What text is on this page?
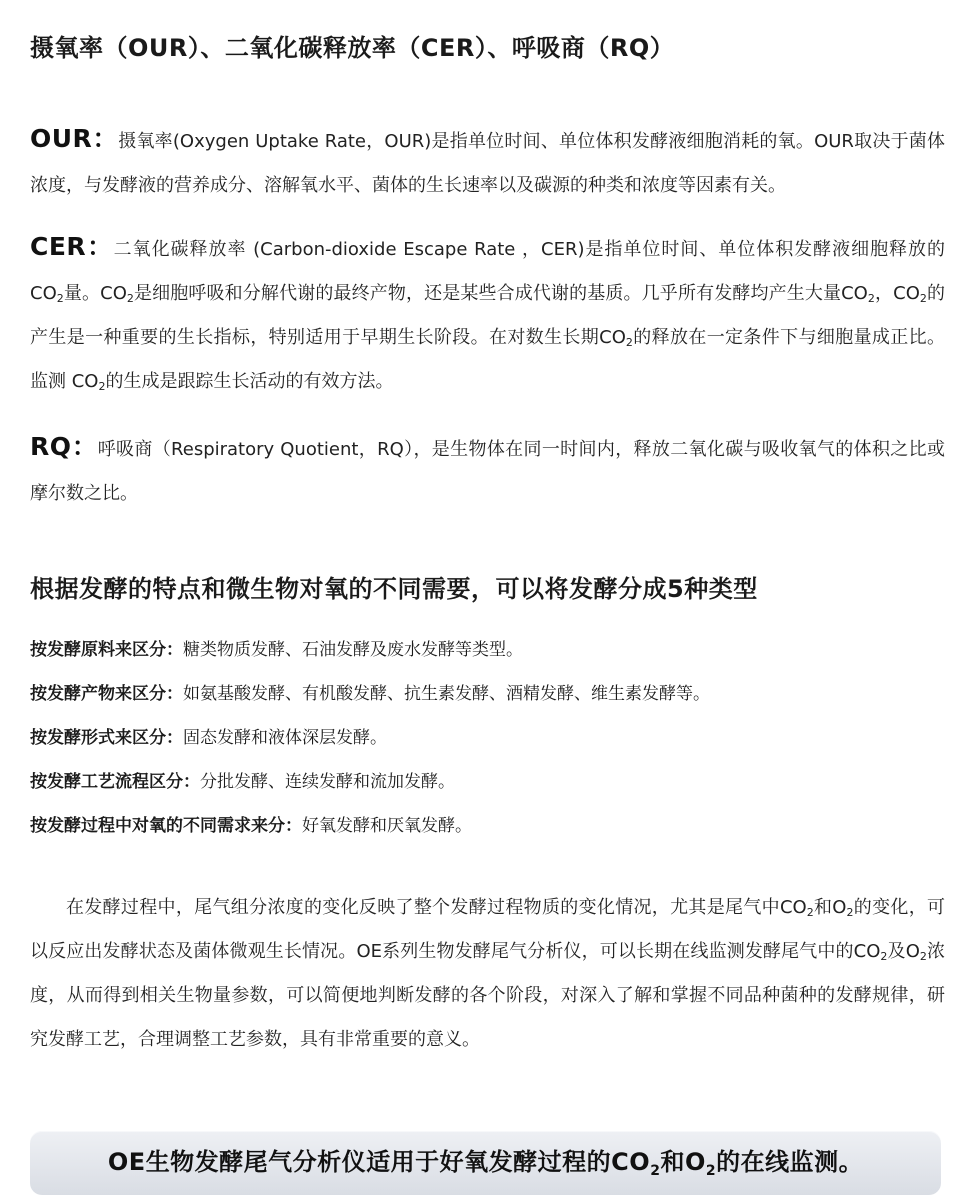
摄氧率（OUR）、二氧化碳释放率（CER）、呼吸商（RQ）
OUR：摄氧率(Oxygen Uptake Rate，OUR)是指单位时间、单位体积发酵液细胞消耗的氧。OUR取决于菌体浓度，与发酵液的营养成分、溶解氧水平、菌体的生长速率以及碳源的种类和浓度等因素有关。
CER：二氧化碳释放率 (Carbon-dioxide Escape Rate ，CER)是指单位时间、单位体积发酵液细胞释放的$CO_2$量。$CO_2$是细胞呼吸和分解代谢的最终产物，还是某些合成代谢的基质。几乎所有发酵均产生大量$CO_2$，$CO_2$的产生是一种重要的生长指标，特别适用于早期生长阶段。在对数生长期$CO_2$的释放在一定条件下与细胞量成正比。监测 $CO_2$的生成是跟踪生长活动的有效方法。
RQ：呼吸商（Respiratory Quotient，RQ），是生物体在同一时间内，释放二氧化碳与吸收氧气的体积之比或摩尔数之比。
根据发酵的特点和微生物对氧的不同需要，可以将发酵分成5种类型
按发酵原料来区分：糖类物质发酵、石油发酵及废水发酵等类型。
按发酵产物来区分：如氨基酸发酵、有机酸发酵、抗生素发酵、酒精发酵、维生素发酵等。
按发酵形式来区分：固态发酵和液体深层发酵。
按发酵工艺流程区分：分批发酵、连续发酵和流加发酵。
按发酵过程中对氧的不同需求来分：好氧发酵和厌氧发酵。
在发酵过程中，尾气组分浓度的变化反映了整个发酵过程物质的变化情况，尤其是尾气中$CO_2$和$O_2$的变化，可以反应出发酵状态及菌体微观生长情况。OE系列生物发酵尾气分析仪，可以长期在线监测发酵尾气中的$CO_2$及$O_2$浓度，从而得到相关生物量参数，可以简便地判断发酵的各个阶段，对深入了解和掌握不同品种菌种的发酵规律，研究发酵工艺，合理调整工艺参数，具有非常重要的意义。
OE生物发酵尾气分析仪适用于好氧发酵过程的$CO_2$和$O_2$的在线监测。
